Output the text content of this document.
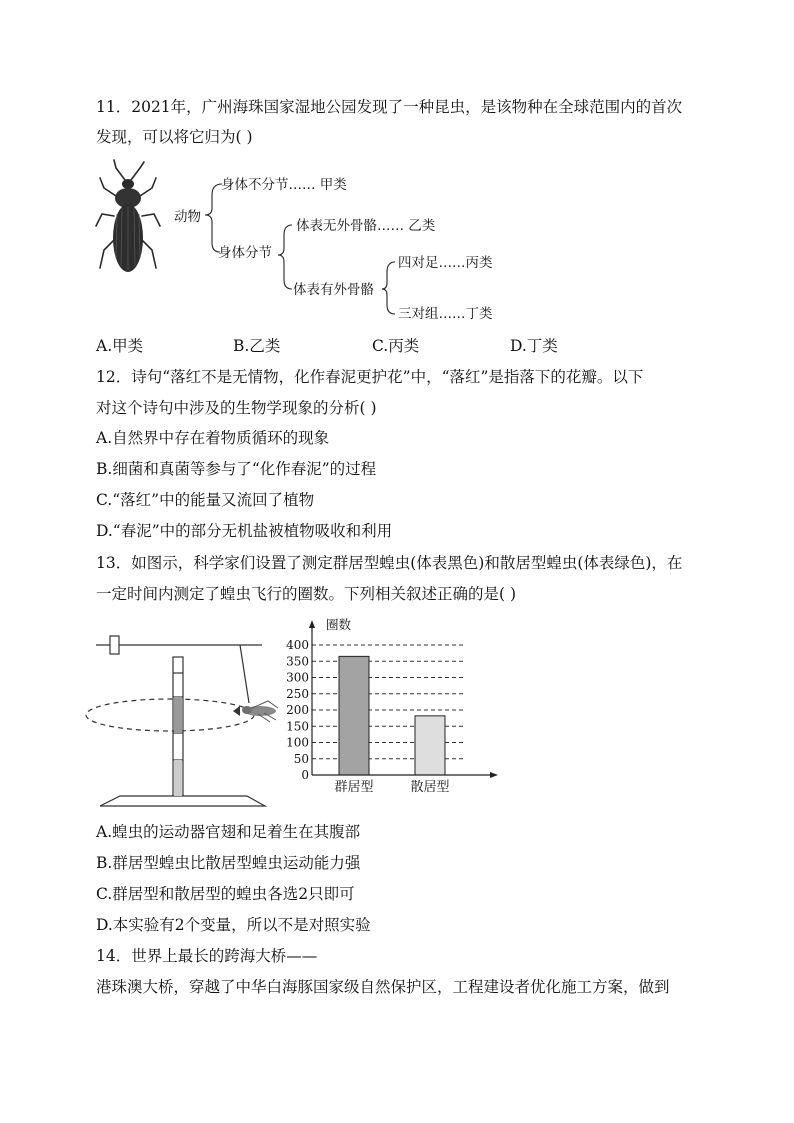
11．2021年，广州海珠国家湿地公园发现了一种昆虫，是该物种在全球范围内的首次
发现，可以将它归为( )
动物
身体不分节…… 甲类
身体分节
体表无外骨骼…… 乙类
体表有外骨骼
四对足……丙类
三对组……丁类
A.甲类	B.乙类	C.丙类	D.丁类
12．诗句“落红不是无情物，化作春泥更护花”中，“落红”是指落下的花瓣。以下
对这个诗句中涉及的生物学现象的分析( )
A.自然界中存在着物质循环的现象
B.细菌和真菌等参与了“化作春泥”的过程
C.“落红”中的能量又流回了植物
D.“春泥”中的部分无机盐被植物吸收和利用
13．如图示，科学家们设置了测定群居型蝗虫(体表黑色)和散居型蝗虫(体表绿色)，在
一定时间内测定了蝗虫飞行的圈数。下列相关叙述正确的是( )
0
50
100
150
200
250
300
350
400
群居型	散居型
圈数
A.蝗虫的运动器官翅和足着生在其腹部
B.群居型蝗虫比散居型蝗虫运动能力强
C.群居型和散居型的蝗虫各选2只即可
D.本实验有2个变量，所以不是对照实验
14．世界上最长的跨海大桥——
港珠澳大桥，穿越了中华白海豚国家级自然保护区，工程建设者优化施工方案，做到
